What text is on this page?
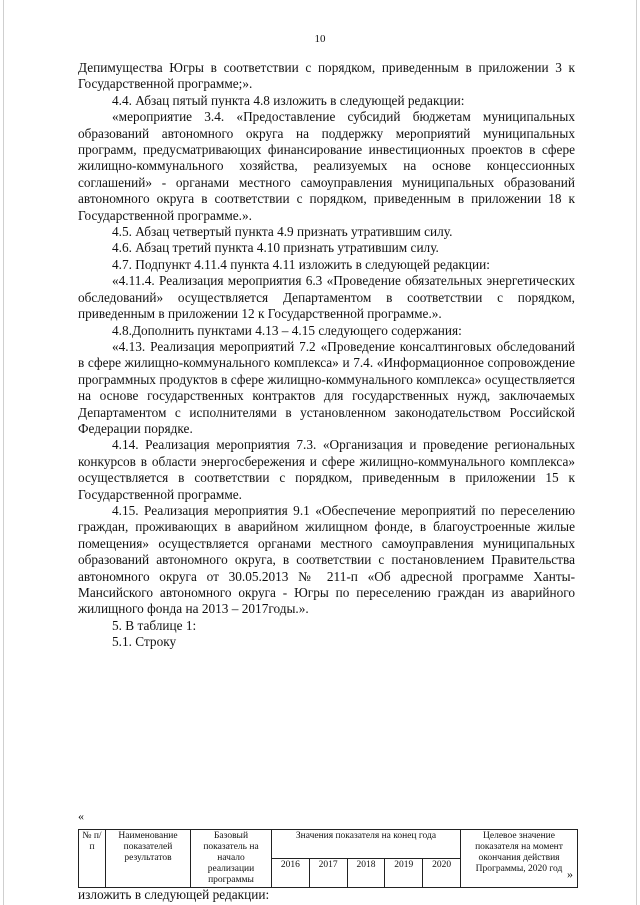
10

Депимущества Югры в соответствии с порядком, приведенным в приложении 3 к Государственной программе;».

4.4. Абзац пятый пункта 4.8 изложить в следующей редакции:

«мероприятие 3.4. «Предоставление субсидий бюджетам муниципальных образований автономного округа на поддержку мероприятий муниципальных программ, предусматривающих финансирование инвестиционных проектов в сфере жилищно-коммунального хозяйства, реализуемых на основе концессионных соглашений» - органами местного самоуправления муниципальных образований автономного округа в соответствии с порядком, приведенным в приложении 18 к Государственной программе.».

4.5. Абзац четвертый пункта 4.9 признать утратившим силу.

4.6. Абзац третий пункта 4.10 признать утратившим силу.

4.7. Подпункт 4.11.4 пункта 4.11 изложить в следующей редакции:

«4.11.4. Реализация мероприятия 6.3 «Проведение обязательных энергетических обследований» осуществляется Департаментом в соответствии с порядком, приведенным в приложении 12 к Государственной программе.».

4.8.Дополнить пунктами 4.13 – 4.15 следующего содержания:

«4.13. Реализация мероприятий 7.2 «Проведение консалтинговых обследований в сфере жилищно-коммунального комплекса» и 7.4. «Информационное сопровождение программных продуктов в сфере жилищно-коммунального комплекса» осуществляется на основе государственных контрактов для государственных нужд, заключаемых Департаментом с исполнителями в установленном законодательством Российской Федерации порядке.

4.14. Реализация мероприятия 7.3. «Организация и проведение региональных конкурсов в области энергосбережения и сфере жилищно-коммунального комплекса» осуществляется в соответствии с порядком, приведенным в приложении 15 к Государственной программе.

4.15. Реализация мероприятия 9.1 «Обеспечение мероприятий по переселению граждан, проживающих в аварийном жилищном фонде, в благоустроенные жилые помещения» осуществляется органами местного самоуправления муниципальных образований автономного округа, в соответствии с постановлением Правительства автономного округа от 30.05.2013 № 211-п «Об адресной программе Ханты-Мансийского автономного округа - Югры по переселению граждан из аварийного жилищного фонда на 2013 – 2017годы.».

5. В таблице 1:

5.1. Строку

«
№ п/п	Наименование показателей результатов	Базовый показатель на начало реализации программы	Значения показателя на конец года					Целевое значение показателя на момент окончания действия Программы, 2020 год
			2016	2017	2018	2019	2020	
»
изложить в следующей редакции:
